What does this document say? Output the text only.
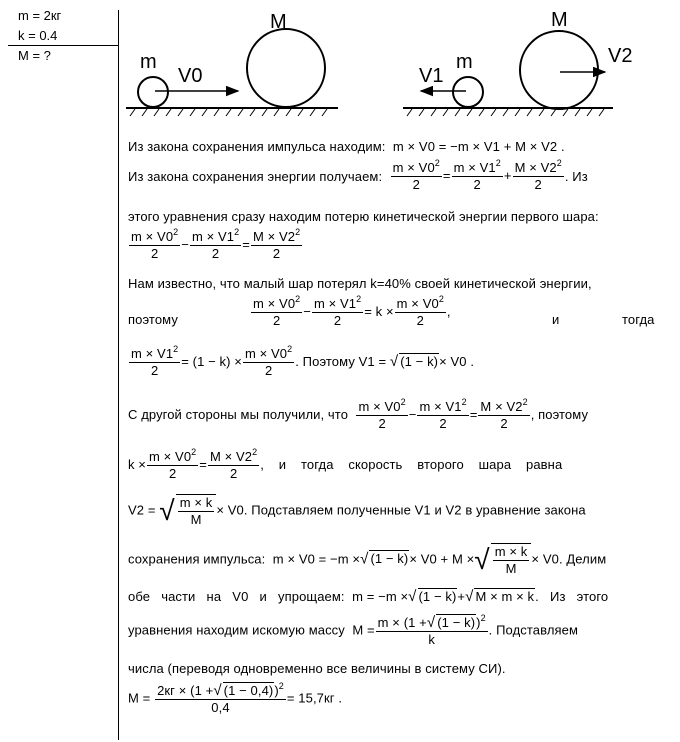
m = 2кг
k = 0.4
M = ?	m
M
V0
m
M
V1
V2
Из закона сохранения импульса находим: m × V0 = −m × V1 + M × V2 .
Из закона сохранения энергии получаем: $\frac{m \times V0^2}{2} = \frac{m \times V1^2}{2} + \frac{M \times V2^2}{2}$ . Из
этого уравнения сразу находим потерю кинетической энергии первого шара:
$\frac{m \times V0^2}{2} - \frac{m \times V1^2}{2} = \frac{M \times V2^2}{2}$
Нам известно, что малый шар потерял k=40% своей кинетической энергии,
поэтому	$\frac{m \times V0^2}{2} - \frac{m \times V1^2}{2} = k \times \frac{m \times V0^2}{2}$ ,
и	тогда
$\frac{m \times V1^2}{2} = (1 - k) \times \frac{m \times V0^2}{2}$ . Поэтому V1 = √ (1 − k)× V0 .
С другой стороны мы получили, что $\frac{m \times V0^2}{2} - \frac{m \times V1^2}{2} = \frac{M \times V2^2}{2}$ , поэтому
$k \times \frac{m \times V0^2}{2} = \frac{M \times V2^2}{2}$ ,    и    тогда    скорость    второго    шара    равна
V2 = √ $\frac{m \times k}{M} \times V0$. Подставляем полученные V1 и V2 в уравнение закона
сохранения импульса: m × V0 = −m ×√ (1 − k)× V0 + M ×√ $\frac{m \times k}{M} \times V0$. Делим
обе   части   на   V0   и   упрощаем: m = −m ×√ (1 − k)+√ M × m × k.   Из   этого
уравнения находим искомую массу $M = \frac{m \times (1 +√ (1 - k))^2}{k}$ . Подставляем
числа (переводя одновременно все величины в систему СИ).
$M = \frac{2кг \times (1 +√ (1 - 0,4))^2}{0,4} = 15,7кг$ .
